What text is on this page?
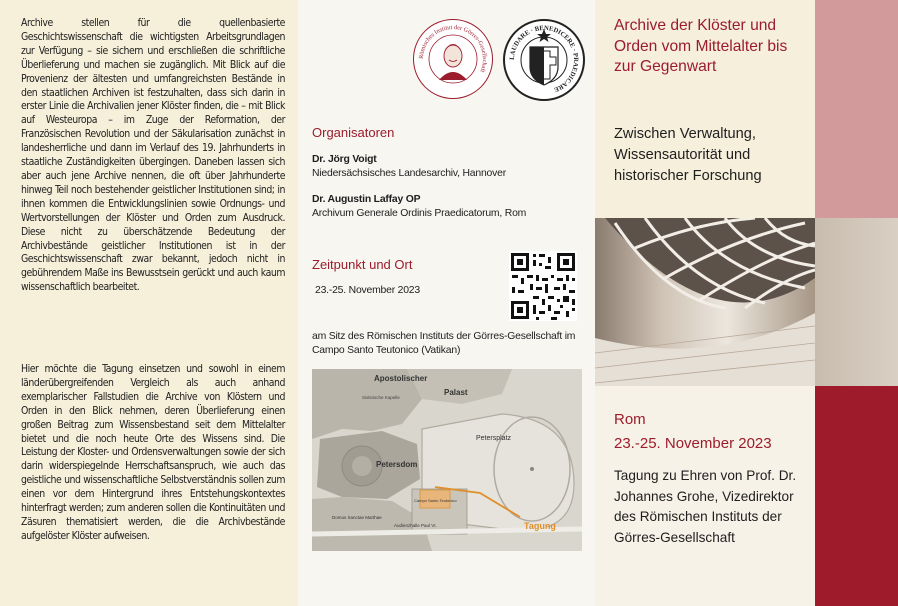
Archive stellen für die quellenbasierte Geschichtswissenschaft die wichtigsten Arbeitsgrundlagen zur Verfügung – sie sichern und erschließen die schriftliche Überlieferung und machen sie zugänglich. Mit Blick auf die Provenienz der ältesten und umfangreichsten Bestände in den staatlichen Archiven ist festzuhalten, dass sich darin in erster Linie die Archivalien jener Klöster finden, die – mit Blick auf Westeuropa – im Zuge der Reformation, der Französischen Revolution und der Säkularisation zunächst in landesherrliche und dann im Verlauf des 19. Jahrhunderts in staatliche Zuständigkeiten übergingen. Daneben lassen sich aber auch jene Archive nennen, die oft über Jahrhunderte hinweg Teil noch bestehender geistlicher Institutionen sind; in ihnen kommen die Entwicklungslinien sowie Ordnungs- und Wertvorstellungen der Klöster und Orden zum Ausdruck. Diese nicht zu überschätzende Bedeutung der Archivbestände geistlicher Institutionen ist in der Geschichtswissenschaft zwar bekannt, jedoch nicht in gebührendem Maße ins Bewusstsein gerückt und auch kaum wissenschaftlich bearbeitet.

Hier möchte die Tagung einsetzen und sowohl in einem länderübergreifenden Vergleich als auch anhand exemplarischer Fallstudien die Archive von Klöstern und Orden in den Blick nehmen, deren Überlieferung einen großen Beitrag zum Wissensbestand seit dem Mittelalter bietet und die noch heute Orte des Wissens sind. Die Leistung der Kloster- und Ordensverwaltungen sowie der sich darin widerspiegelnde Herrschaftsanspruch, wie auch das geistliche und wissenschaftliche Selbstverständnis sollen zum einen vor dem Hintergrund ihres Entstehungskontextes hinterfragt werden; zum anderen sollen die Kontinuitäten und Zäsuren thematisiert werden, die die Archivbestände aufgelöster Klöster aufweisen.

Römisches Institut der Görres-Gesellschaft
LAUDARE · BENEDICERE · PRAEDICARE

Organisatoren

Dr. Jörg Voigt
Niedersächsisches Landesarchiv, Hannover

Dr. Augustin Laffay OP
Archivum Generale Ordinis Praedicatorum, Rom

Zeitpunkt und Ort

23.-25. November 2023

am Sitz des Römischen Instituts der Görres-Gesellschaft im Campo Santo Teutonico (Vatikan)

Apostolischer
Palast
Sixtinische Kapelle
Petersdom
Petersplatz
Campo Santo Teutonico
Domus Sanctae Marthae
Audienzhalle Paul VI.	Tagung

Archive der Klöster und Orden vom Mittelalter bis zur Gegenwart

Zwischen Verwaltung, Wissensautorität und historischer Forschung

Rom

23.-25. November 2023

Tagung zu Ehren von Prof. Dr. Johannes Grohe, Vizedirektor des Römischen Instituts der Görres-Gesellschaft
